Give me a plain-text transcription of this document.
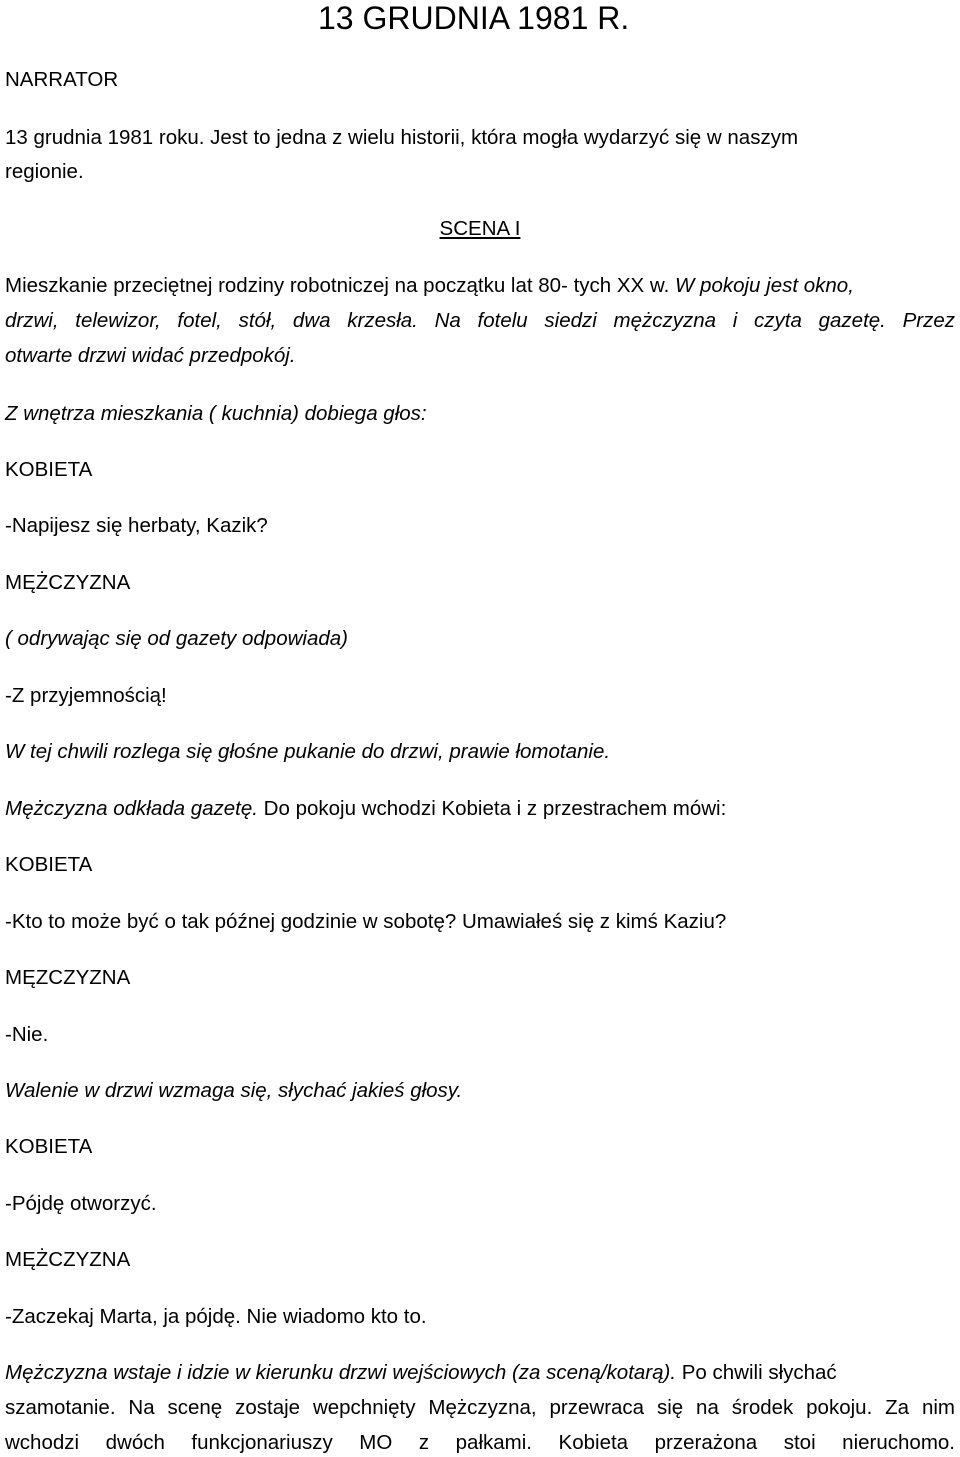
13 GRUDNIA 1981 R.

NARRATOR

13 grudnia 1981 roku. Jest to jedna z wielu historii, która mogła wydarzyć się w naszym

regionie.

SCENA I

Mieszkanie przeciętnej rodziny robotniczej na początku lat 80- tych XX w. W pokoju jest okno,

drzwi, telewizor, fotel, stół, dwa krzesła. Na fotelu siedzi mężczyzna i czyta gazetę. Przez

otwarte drzwi widać przedpokój.

Z wnętrza mieszkania ( kuchnia) dobiega głos:

KOBIETA

-Napijesz się herbaty, Kazik?

MĘŻCZYZNA

( odrywając się od gazety odpowiada)

-Z przyjemnością!

W tej chwili rozlega się głośne pukanie do drzwi, prawie łomotanie.

Mężczyzna odkłada gazetę. Do pokoju wchodzi Kobieta i z przestrachem mówi:

KOBIETA

-Kto to może być o tak późnej godzinie w sobotę? Umawiałeś się z kimś Kaziu?

MĘZCZYZNA

-Nie.

Walenie w drzwi wzmaga się, słychać jakieś głosy.

KOBIETA

-Pójdę otworzyć.

MĘŻCZYZNA

-Zaczekaj Marta, ja pójdę. Nie wiadomo kto to.

Mężczyzna wstaje i idzie w kierunku drzwi wejściowych (za sceną/kotarą). Po chwili słychać

szamotanie. Na scenę zostaje wepchnięty Mężczyzna, przewraca się na środek pokoju. Za nim

wchodzi dwóch funkcjonariuszy MO z pałkami. Kobieta przerażona stoi nieruchomo.
